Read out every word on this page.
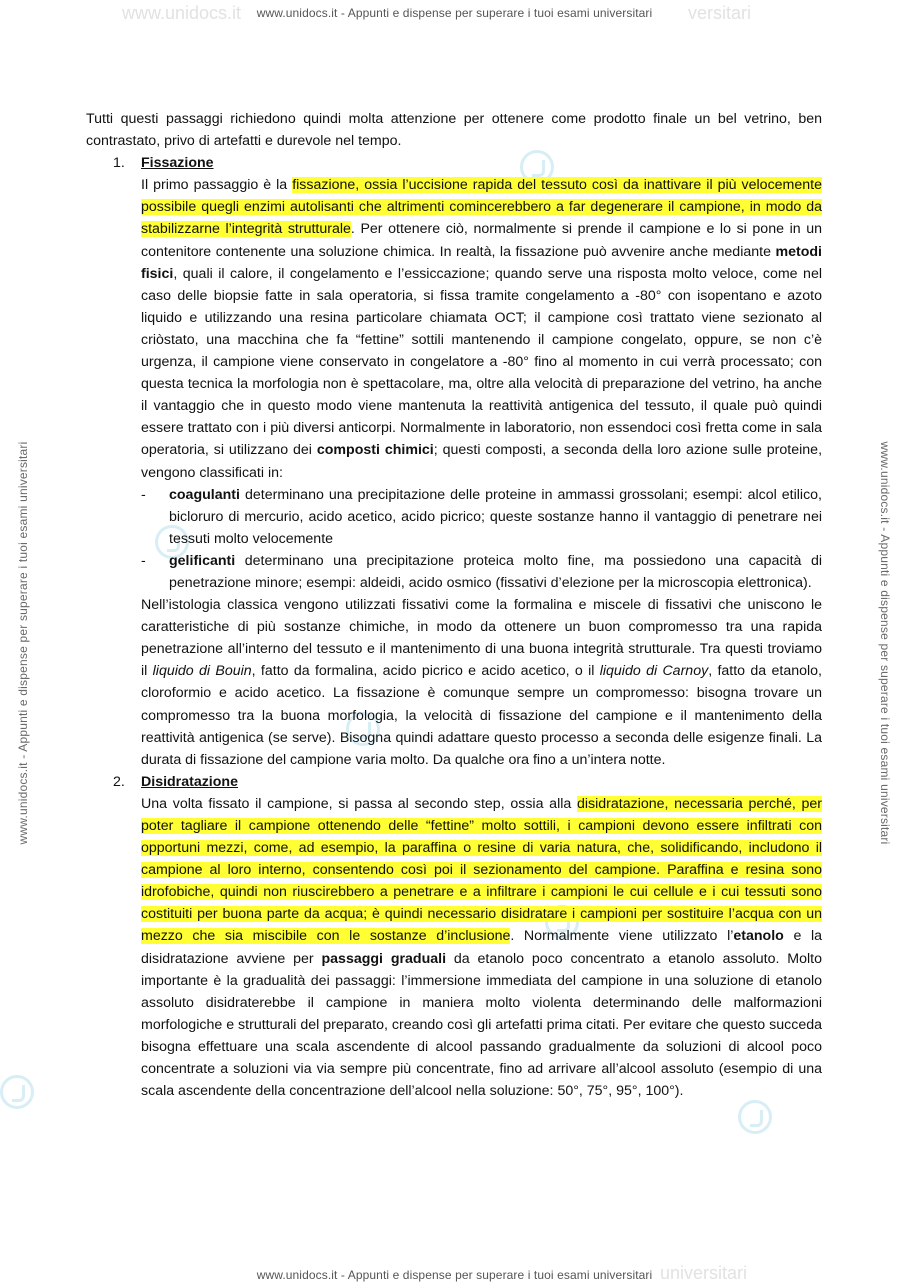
www.unidocs.it	versitari
universitari
www.unidocs.it - Appunti e dispense per superare i tuoi esami universitari
www.unidocs.it - Appunti e dispense per superare i tuoi esami universitari
www.unidocs.it - Appunti e dispense per superare i tuoi esami universitari	www.unidocs.it - Appunti e dispense per superare i tuoi esami universitari

Tutti questi passaggi richiedono quindi molta attenzione per ottenere come prodotto finale un bel vetrino, ben contrastato, privo di artefatti e durevole nel tempo.

1. Fissazione

Il primo passaggio è la fissazione, ossia l’uccisione rapida del tessuto così da inattivare il più velocemente possibile quegli enzimi autolisanti che altrimenti comincerebbero a far degenerare il campione, in modo da stabilizzarne l’integrità strutturale. Per ottenere ciò, normalmente si prende il campione e lo si pone in un contenitore contenente una soluzione chimica. In realtà, la fissazione può avvenire anche mediante metodi fisici, quali il calore, il congelamento e l’essiccazione; quando serve una risposta molto veloce, come nel caso delle biopsie fatte in sala operatoria, si fissa tramite congelamento a -80° con isopentano e azoto liquido e utilizzando una resina particolare chiamata OCT; il campione così trattato viene sezionato al criòstato, una macchina che fa “fettine” sottili mantenendo il campione congelato, oppure, se non c’è urgenza, il campione viene conservato in congelatore a -80° fino al momento in cui verrà processato; con questa tecnica la morfologia non è spettacolare, ma, oltre alla velocità di preparazione del vetrino, ha anche il vantaggio che in questo modo viene mantenuta la reattività antigenica del tessuto, il quale può quindi essere trattato con i più diversi anticorpi. Normalmente in laboratorio, non essendoci così fretta come in sala operatoria, si utilizzano dei composti chimici; questi composti, a seconda della loro azione sulle proteine, vengono classificati in:

- coagulanti determinano una precipitazione delle proteine in ammassi grossolani; esempi: alcol etilico, bicloruro di mercurio, acido acetico, acido picrico; queste sostanze hanno il vantaggio di penetrare nei tessuti molto velocemente

- gelificanti determinano una precipitazione proteica molto fine, ma possiedono una capacità di penetrazione minore; esempi: aldeidi, acido osmico (fissativi d’elezione per la microscopia elettronica).

Nell’istologia classica vengono utilizzati fissativi come la formalina e miscele di fissativi che uniscono le caratteristiche di più sostanze chimiche, in modo da ottenere un buon compromesso tra una rapida penetrazione all’interno del tessuto e il mantenimento di una buona integrità strutturale. Tra questi troviamo il liquido di Bouin, fatto da formalina, acido picrico e acido acetico, o il liquido di Carnoy, fatto da etanolo, cloroformio e acido acetico. La fissazione è comunque sempre un compromesso: bisogna trovare un compromesso tra la buona morfologia, la velocità di fissazione del campione e il mantenimento della reattività antigenica (se serve). Bisogna quindi adattare questo processo a seconda delle esigenze finali. La durata di fissazione del campione varia molto. Da qualche ora fino a un’intera notte.

2. Disidratazione

Una volta fissato il campione, si passa al secondo step, ossia alla disidratazione, necessaria perché, per poter tagliare il campione ottenendo delle “fettine” molto sottili, i campioni devono essere infiltrati con opportuni mezzi, come, ad esempio, la paraffina o resine di varia natura, che, solidificando, includono il campione al loro interno, consentendo così poi il sezionamento del campione. Paraffina e resina sono idrofobiche, quindi non riuscirebbero a penetrare e a infiltrare i campioni le cui cellule e i cui tessuti sono costituiti per buona parte da acqua; è quindi necessario disidratare i campioni per sostituire l’acqua con un mezzo che sia miscibile con le sostanze d’inclusione. Normalmente viene utilizzato l’etanolo e la disidratazione avviene per passaggi graduali da etanolo poco concentrato a etanolo assoluto. Molto importante è la gradualità dei passaggi: l’immersione immediata del campione in una soluzione di etanolo assoluto disidraterebbe il campione in maniera molto violenta determinando delle malformazioni morfologiche e strutturali del preparato, creando così gli artefatti prima citati. Per evitare che questo succeda bisogna effettuare una scala ascendente di alcool passando gradualmente da soluzioni di alcool poco concentrate a soluzioni via via sempre più concentrate, fino ad arrivare all’alcool assoluto (esempio di una scala ascendente della concentrazione dell’alcool nella soluzione: 50°, 75°, 95°, 100°).
